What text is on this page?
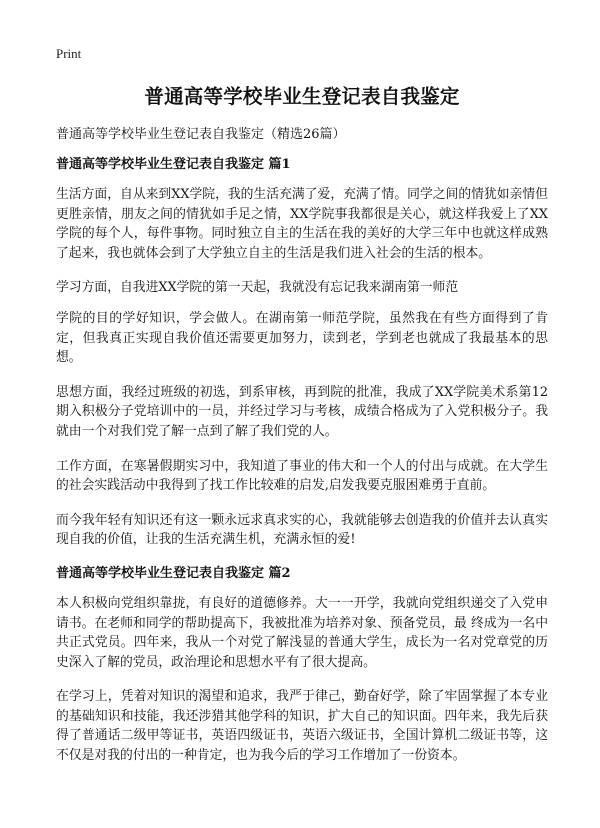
Print
普通高等学校毕业生登记表自我鉴定

普通高等学校毕业生登记表自我鉴定（精选26篇）

普通高等学校毕业生登记表自我鉴定 篇1

生活方面，自从来到XX学院，我的生活充满了爱，充满了情。同学之间的情犹如亲情但更胜亲情，朋友之间的情犹如手足之情，XX学院事我都很是关心，就这样我爱上了XX学院的每个人，每件事物。同时独立自主的生活在我的美好的大学三年中也就这样成熟了起来，我也就体会到了大学独立自主的生活是我们进入社会的生活的根本。

学习方面，自我进XX学院的第一天起，我就没有忘记我来湖南第一师范

学院的目的学好知识，学会做人。在湖南第一师范学院，虽然我在有些方面得到了肯定，但我真正实现自我价值还需要更加努力，读到老，学到老也就成了我最基本的思想。

思想方面，我经过班级的初选，到系审核，再到院的批准，我成了XX学院美术系第12期入积极分子党培训中的一员，并经过学习与考核，成绩合格成为了入党积极分子。我就由一个对我们党了解一点到了解了我们党的人。

工作方面，在寒暑假期实习中，我知道了事业的伟大和一个人的付出与成就。在大学生的社会实践活动中我得到了找工作比较难的启发,启发我要克服困难勇于直前。

而今我年轻有知识还有这一颗永远求真求实的心，我就能够去创造我的价值并去认真实现自我的价值，让我的生活充满生机，充满永恒的爱!

普通高等学校毕业生登记表自我鉴定 篇2

本人积极向党组织靠拢，有良好的道德修养。大一一开学，我就向党组织递交了入党申请书。在老师和同学的帮助提高下，我被批准为培养对象、预备党员，最 终成为一名中共正式党员。四年来，我从一个对党了解浅显的普通大学生，成长为一名对党章党的历史深入了解的党员，政治理论和思想水平有了很大提高。

在学习上，凭着对知识的渴望和追求，我严于律己，勤奋好学，除了牢固掌握了本专业的基础知识和技能，我还涉猎其他学科的知识，扩大自己的知识面。四年来，我先后获得了普通话二级甲等证书，英语四级证书，英语六级证书，全国计算机二级证书等，这不仅是对我的付出的一种肯定，也为我今后的学习工作增加了一份资本。
